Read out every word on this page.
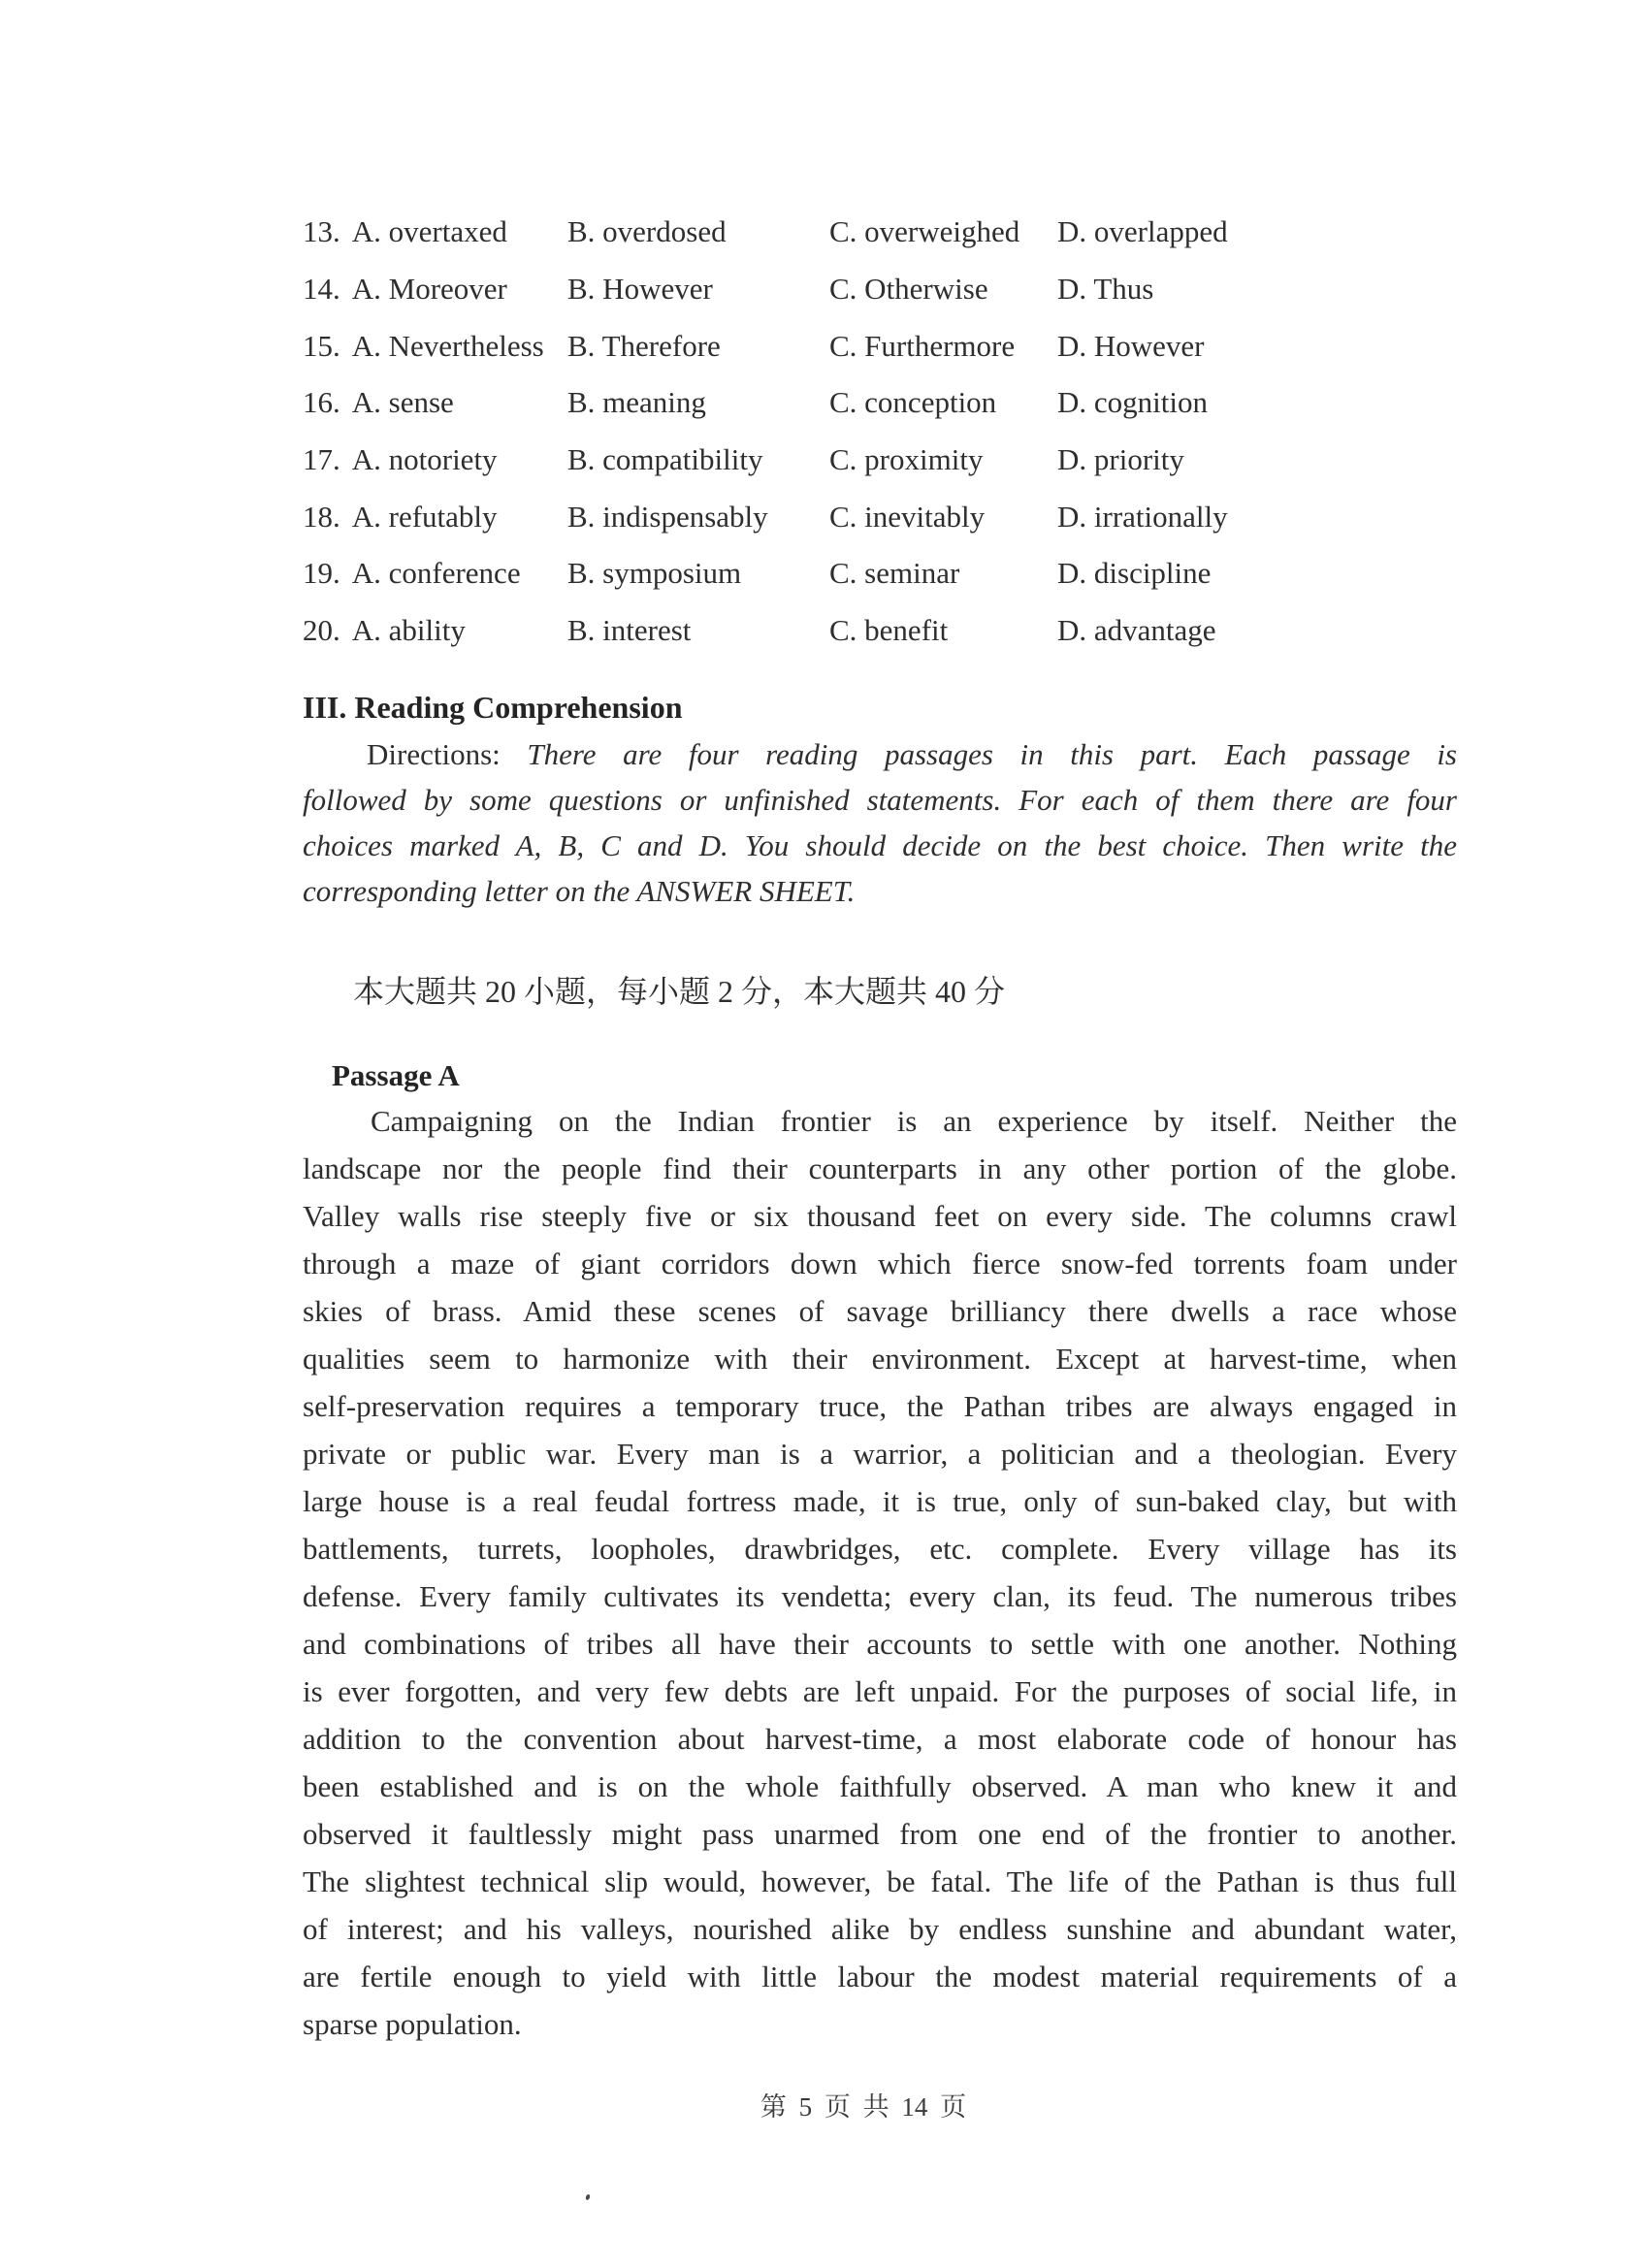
13. A. overtaxed	B. overdosed	C. overweighed	D. overlapped
14. A. Moreover	B. However	C. Otherwise	D. Thus
15. A. Nevertheless B. Therefore	C. Furthermore	D. However
16. A. sense	B. meaning	C. conception	D. cognition
17. A. notoriety	B. compatibility	C. proximity	D. priority
18. A. refutably	B. indispensably	C. inevitably	D. irrationally
19. A. conference	B. symposium	C. seminar	D. discipline
20. A. ability	B. interest	C. benefit	D. advantage
III. Reading Comprehension
Directions: There are four reading passages in this part. Each passage is
followed by some questions or unfinished statements. For each of them there are four
choices marked A, B, C and D. You should decide on the best choice. Then write the
corresponding letter on the ANSWER SHEET.
本大题共 20 小题，每小题 2 分，本大题共 40 分
Passage A
Campaigning on the Indian frontier is an experience by itself. Neither the
landscape nor the people find their counterparts in any other portion of the globe.
Valley walls rise steeply five or six thousand feet on every side. The columns crawl
through a maze of giant corridors down which fierce snow-fed torrents foam under
skies of brass. Amid these scenes of savage brilliancy there dwells a race whose
qualities seem to harmonize with their environment. Except at harvest-time, when
self-preservation requires a temporary truce, the Pathan tribes are always engaged in
private or public war. Every man is a warrior, a politician and a theologian. Every
large house is a real feudal fortress made, it is true, only of sun-baked clay, but with
battlements, turrets, loopholes, drawbridges, etc. complete. Every village has its
defense. Every family cultivates its vendetta; every clan, its feud. The numerous tribes
and combinations of tribes all have their accounts to settle with one another. Nothing
is ever forgotten, and very few debts are left unpaid. For the purposes of social life, in
addition to the convention about harvest-time, a most elaborate code of honour has
been established and is on the whole faithfully observed. A man who knew it and
observed it faultlessly might pass unarmed from one end of the frontier to another.
The slightest technical slip would, however, be fatal. The life of the Pathan is thus full
of interest; and his valleys, nourished alike by endless sunshine and abundant water,
are fertile enough to yield with little labour the modest material requirements of a
sparse population.
第 5 页 共 14 页
